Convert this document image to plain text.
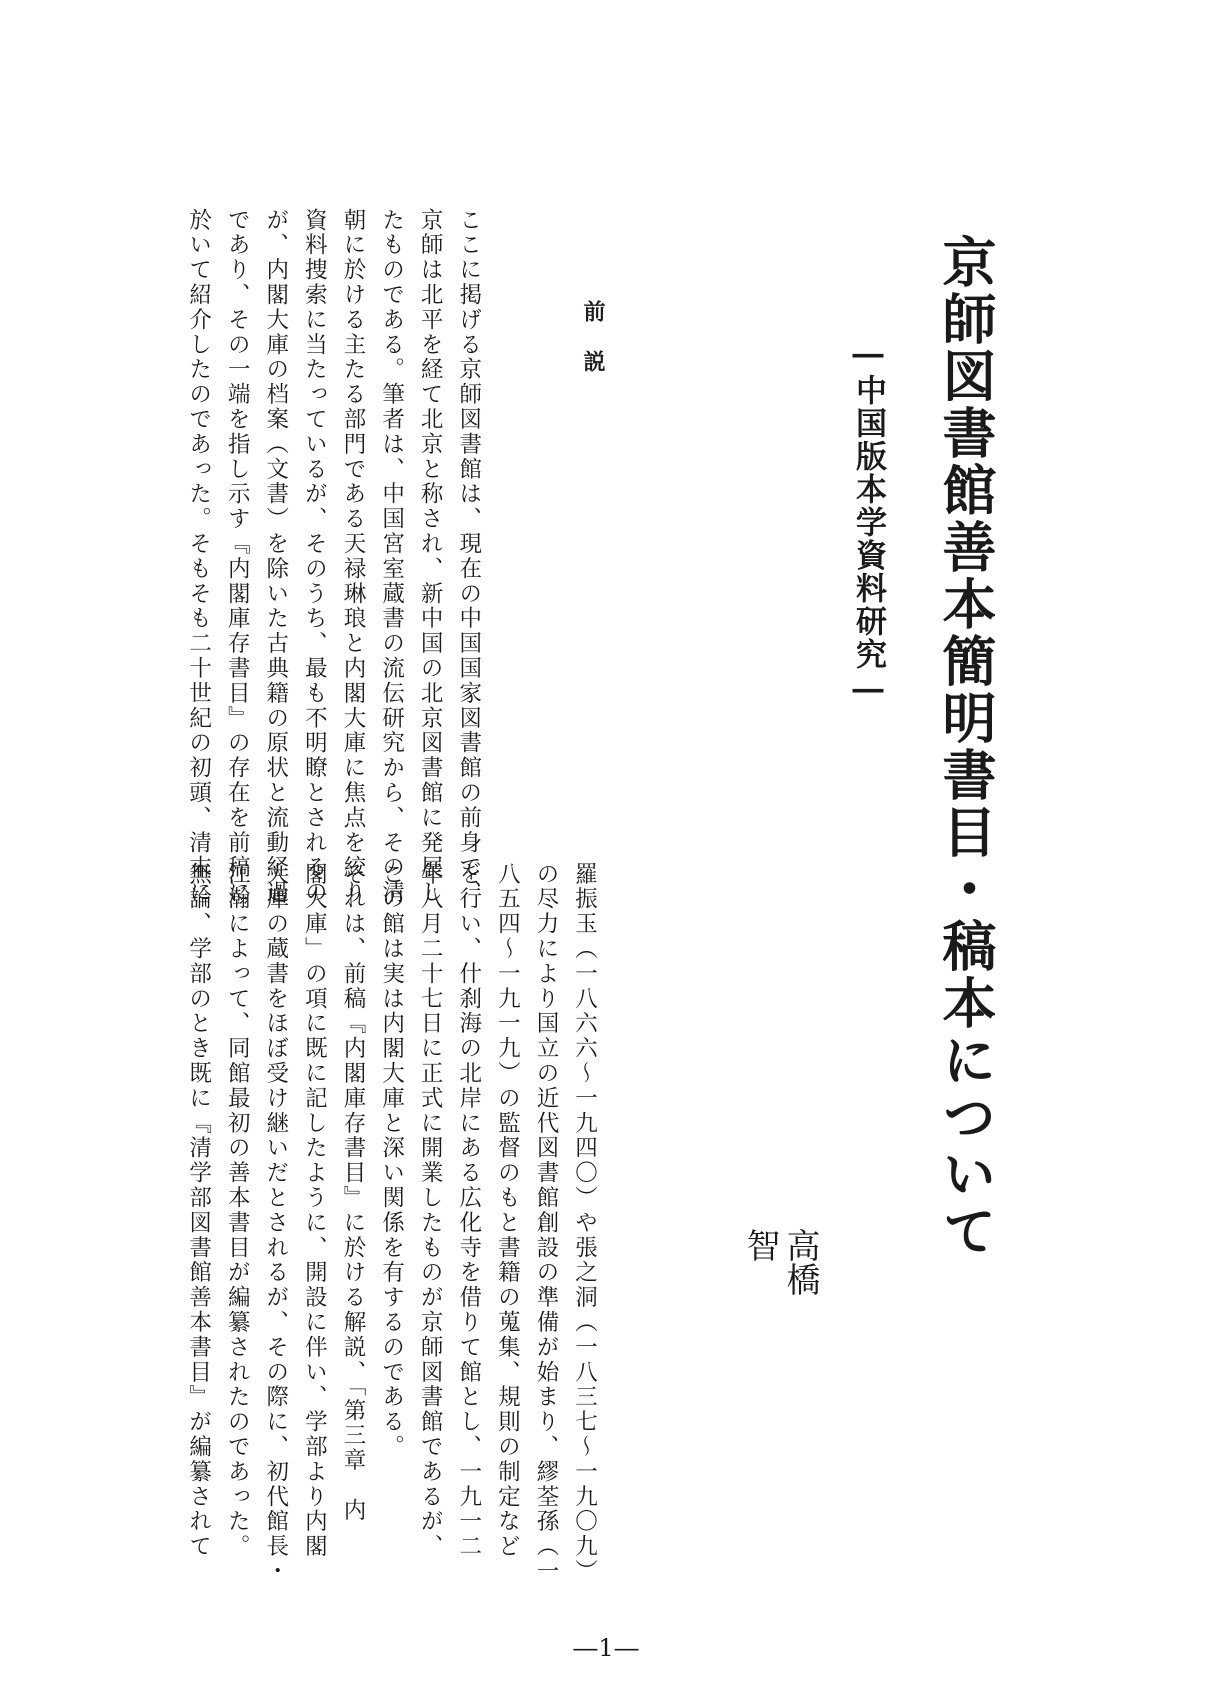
京師図書館善本簡明書目・稿本について
―中国版本学資料研究―
高橋
智
前説
ここに掲げる京師図書館は、現在の中国国家図書館の前身で、
京師は北平を経て北京と称され、新中国の北京図書館に発展し
たものである。筆者は、中国宮室蔵書の流伝研究から、その清
朝に於ける主たる部門である天禄琳琅と内閣大庫に焦点を絞り
資料捜索に当たっているが、そのうち、最も不明瞭とされるの
が、内閣大庫の档案（文書）を除いた古典籍の原状と流動経過
であり、その一端を指し示す『内閣庫存書目』の存在を前稿に
於いて紹介したのであった。そもそも二十世紀の初頭、清末に
羅振玉（一八六六～一九四〇）や張之洞（一八三七～一九〇九）
の尽力により国立の近代図書館創設の準備が始まり、繆荃孫（一
八五四～一九一九）の監督のもと書籍の蒐集、規則の制定など
を行い、什刹海の北岸にある広化寺を借りて館とし、一九一二
年八月二十七日に正式に開業したものが京師図書館であるが、
この館は実は内閣大庫と深い関係を有するのである。
それは、前稿『内閣庫存書目』に於ける解説、「第三章　内
閣大庫」の項に既に記したように、開設に伴い、学部より内閣
大庫の蔵書をほぼ受け継いだとされるが、その際に、初代館長・
江瀚によって、同館最初の善本書目が編纂されたのであった。
無論、学部のとき既に『清学部図書館善本書目』が編纂されて
―1―
